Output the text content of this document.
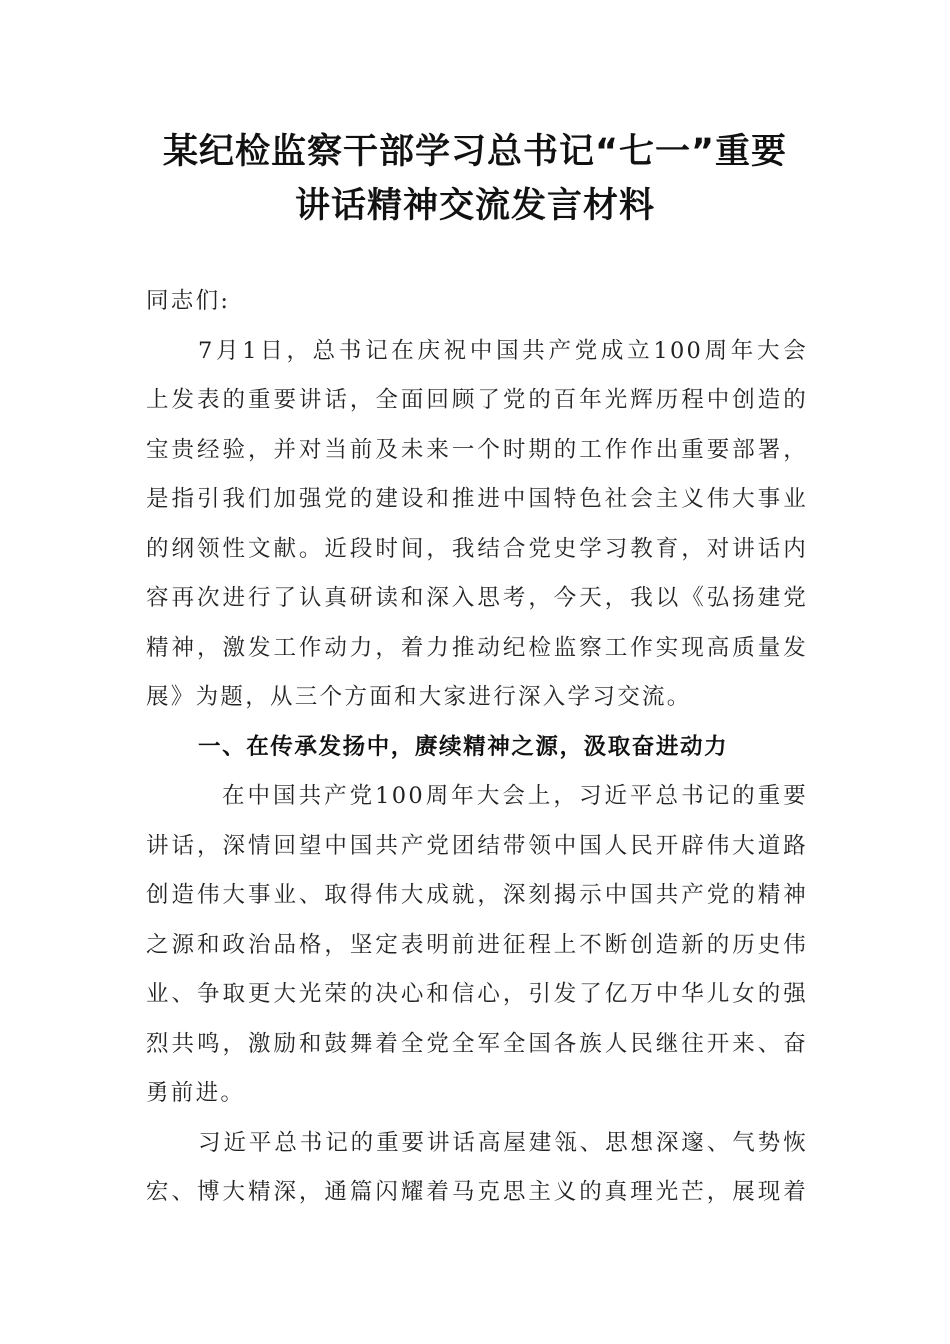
某纪检监察干部学习总书记“七一”重要
讲话精神交流发言材料
同志们:
7月1日，总书记在庆祝中国共产党成立100周年大会
上发表的重要讲话，全面回顾了党的百年光辉历程中创造的
宝贵经验，并对当前及未来一个时期的工作作出重要部署，
是指引我们加强党的建设和推进中国特色社会主义伟大事业
的纲领性文献。近段时间，我结合党史学习教育，对讲话内
容再次进行了认真研读和深入思考，今天，我以《弘扬建党
精神，激发工作动力，着力推动纪检监察工作实现高质量发
展》为题，从三个方面和大家进行深入学习交流。
一、在传承发扬中，赓续精神之源，汲取奋进动力
在中国共产党100周年大会上，习近平总书记的重要
讲话，深情回望中国共产党团结带领中国人民开辟伟大道路
创造伟大事业、取得伟大成就，深刻揭示中国共产党的精神
之源和政治品格，坚定表明前进征程上不断创造新的历史伟
业、争取更大光荣的决心和信心，引发了亿万中华儿女的强
烈共鸣，激励和鼓舞着全党全军全国各族人民继往开来、奋
勇前进。
习近平总书记的重要讲话高屋建瓴、思想深邃、气势恢
宏、博大精深，通篇闪耀着马克思主义的真理光芒，展现着
